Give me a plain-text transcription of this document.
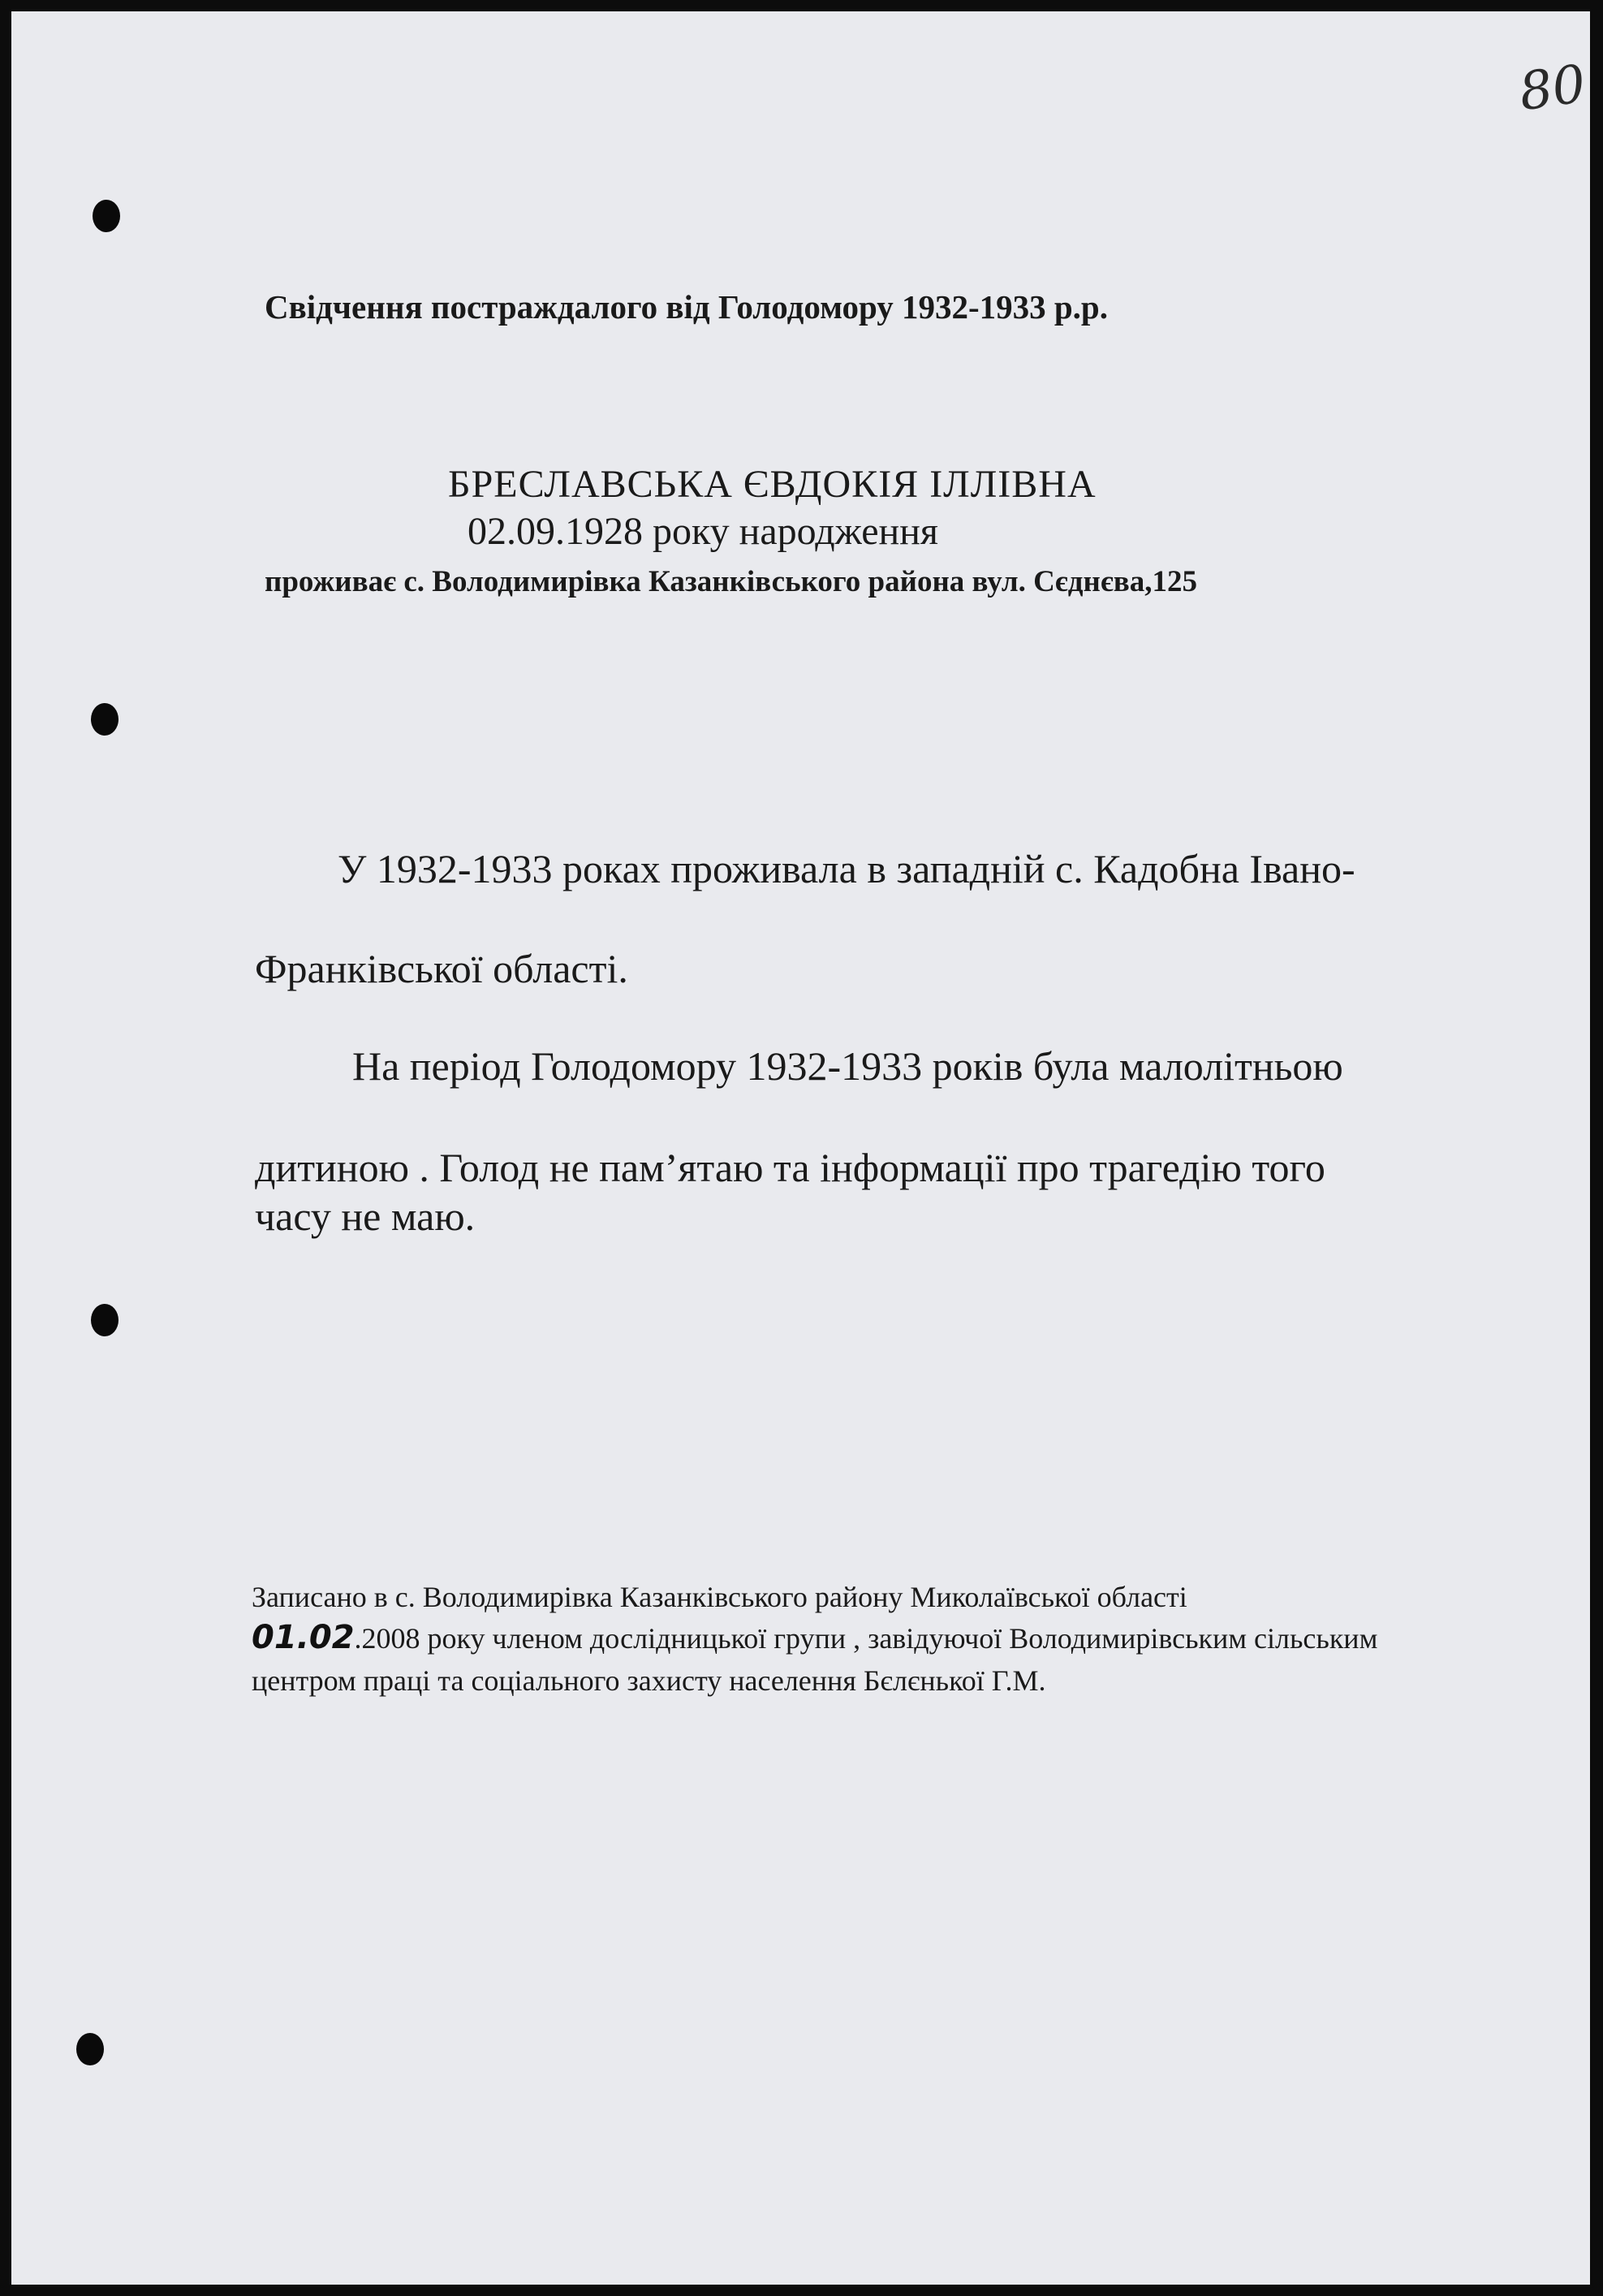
80
Свідчення постраждалого від Голодомору 1932-1933 р.р.
БРЕСЛАВСЬКА ЄВДОКІЯ ІЛЛІВНА
02.09.1928 року народження
проживає с. Володимирівка Казанківського района вул. Сєднєва,125
У 1932-1933 роках проживала в западній с. Кадобна Івано-
Франківської області.
На період Голодомору 1932-1933 років була малолітньою
дитиною . Голод не пам’ятаю та інформації про трагедію того
часу не маю.
Записано в с. Володимирівка Казанківського району Миколаївської області
01.02.2008 року членом дослідницької групи , завідуючої Володимирівським сільським
центром праці та соціального захисту населення Бєлєнької Г.М.
